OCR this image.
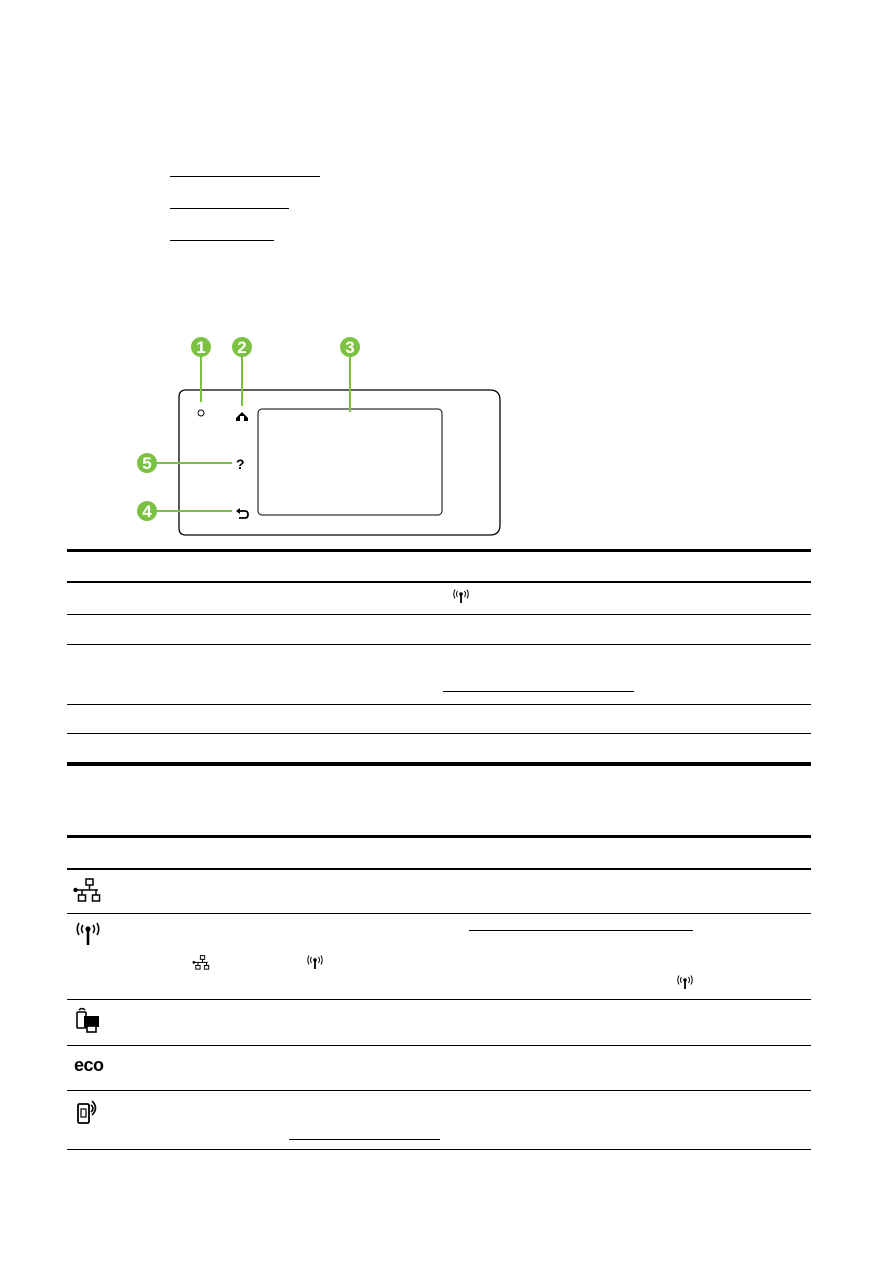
?
1 2	3
5
4
eco
